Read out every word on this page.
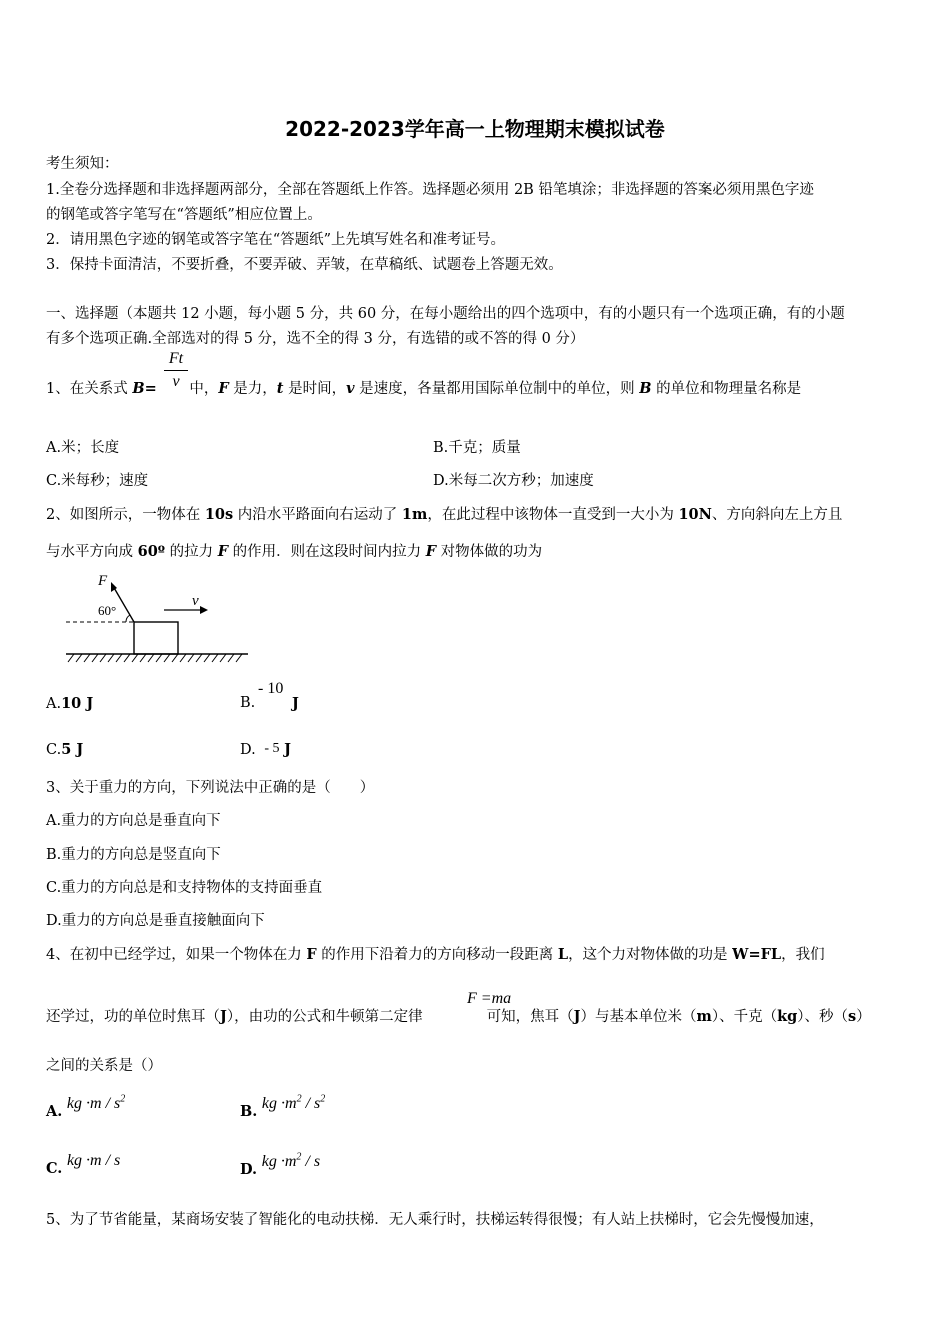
2022-2023学年高一上物理期末模拟试卷
考生须知：
1.全卷分选择题和非选择题两部分，全部在答题纸上作答。选择题必须用 2B 铅笔填涂；非选择题的答案必须用黑色字迹
的钢笔或答字笔写在“答题纸”相应位置上。
2．请用黑色字迹的钢笔或答字笔在“答题纸”上先填写姓名和准考证号。
3．保持卡面清洁，不要折叠，不要弄破、弄皱，在草稿纸、试题卷上答题无效。
一、选择题（本题共 12 小题，每小题 5 分，共 60 分，在每小题给出的四个选项中，有的小题只有一个选项正确，有的小题
有多个选项正确.全部选对的得 5 分，选不全的得 3 分，有选错的或不答的得 0 分）
Ft
v
1、在关系式 B= 中，F 是力，t 是时间，v 是速度，各量都用国际单位制中的单位，则 B 的单位和物理量名称是
A.米；长度	B.千克；质量
C.米每秒；速度	D.米每二次方秒；加速度
2、如图所示，一物体在 10s 内沿水平路面向右运动了 1m，在此过程中该物体一直受到一大小为 10N、方向斜向左上方且
与水平方向成 60º 的拉力 F 的作用．则在这段时间内拉力 F 对物体做的功为
F
60°
v
A.10 J	B.
- 10
J
C.5 J	D. - 5 J
3、关于重力的方向，下列说法中正确的是（　　）
A.重力的方向总是垂直向下
B.重力的方向总是竖直向下
C.重力的方向总是和支持物体的支持面垂直
D.重力的方向总是垂直接触面向下
4、在初中已经学过，如果一个物体在力 F 的作用下沿着力的方向移动一段距离 L，这个力对物体做的功是 W=FL，我们
F =ma
还学过，功的单位时焦耳（J），由功的公式和牛顿第二定律	可知，焦耳（J）与基本单位米（m）、千克（kg）、秒（s）
之间的关系是（）
A. kg $\cdot m / s^2$
B. kg $\cdot m^2 / s^2$
C. kg ·m / s
D. kg $\cdot m^2 / s$
5、为了节省能量，某商场安装了智能化的电动扶梯．无人乘行时，扶梯运转得很慢；有人站上扶梯时，它会先慢慢加速，
